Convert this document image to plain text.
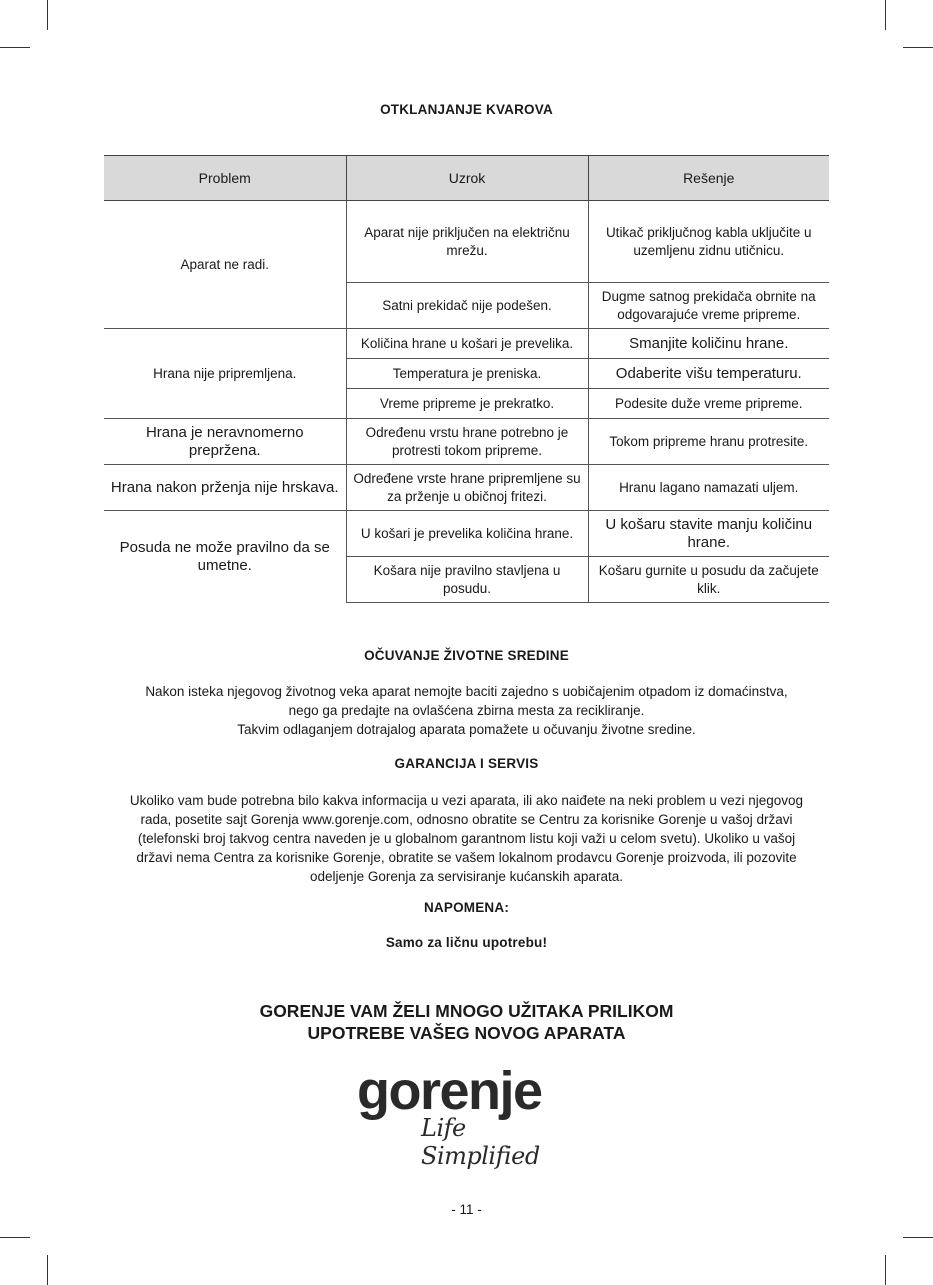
OTKLANJANJE KVAROVA
Problem	Uzrok	Rešenje
Aparat ne radi.	Aparat nije priključen na električnu mrežu.	Utikač priključnog kabla uključite u uzemljenu zidnu utičnicu.
	Satni prekidač nije podešen.	Dugme satnog prekidača obrnite na odgovarajuće vreme pripreme.
Hrana nije pripremljena.	Količina hrane u košari je prevelika.	Smanjite količinu hrane.
	Temperatura je preniska.	Odaberite višu temperaturu.
	Vreme pripreme je prekratko.	Podesite duže vreme pripreme.
Hrana je neravnomerno prepržena.	Određenu vrstu hrane potrebno je protresti tokom pripreme.	Tokom pripreme hranu protresite.
Hrana nakon prženja nije hrskava.	Određene vrste hrane pripremljene su za prženje u običnoj fritezi.	Hranu lagano namazati uljem.
Posuda ne može pravilno da se umetne.	U košari je prevelika količina hrane.	U košaru stavite manju količinu hrane.
	Košara nije pravilno stavljena u posudu.	Košaru gurnite u posudu da začujete klik.
OČUVANJE ŽIVOTNE SREDINE
Nakon isteka njegovog životnog veka aparat nemojte baciti zajedno s uobičajenim otpadom iz domaćinstva,
nego ga predajte na ovlašćena zbirna mesta za recikliranje.
Takvim odlaganjem dotrajalog aparata pomažete u očuvanju životne sredine.
GARANCIJA I SERVIS
Ukoliko vam bude potrebna bilo kakva informacija u vezi aparata, ili ako naiđete na neki problem u vezi njegovog
rada, posetite sajt Gorenja www.gorenje.com, odnosno obratite se Centru za korisnike Gorenje u vašoj državi
(telefonski broj takvog centra naveden je u globalnom garantnom listu koji važi u celom svetu). Ukoliko u vašoj
državi nema Centra za korisnike Gorenje, obratite se vašem lokalnom prodavcu Gorenje proizvoda, ili pozovite
odeljenje Gorenja za servisiranje kućanskih aparata.
NAPOMENA:
Samo za ličnu upotrebu!
GORENJE VAM ŽELI MNOGO UŽITAKA PRILIKOM
UPOTREBE VAŠEG NOVOG APARATA
gorenje
Life Simplified
- 11 -
